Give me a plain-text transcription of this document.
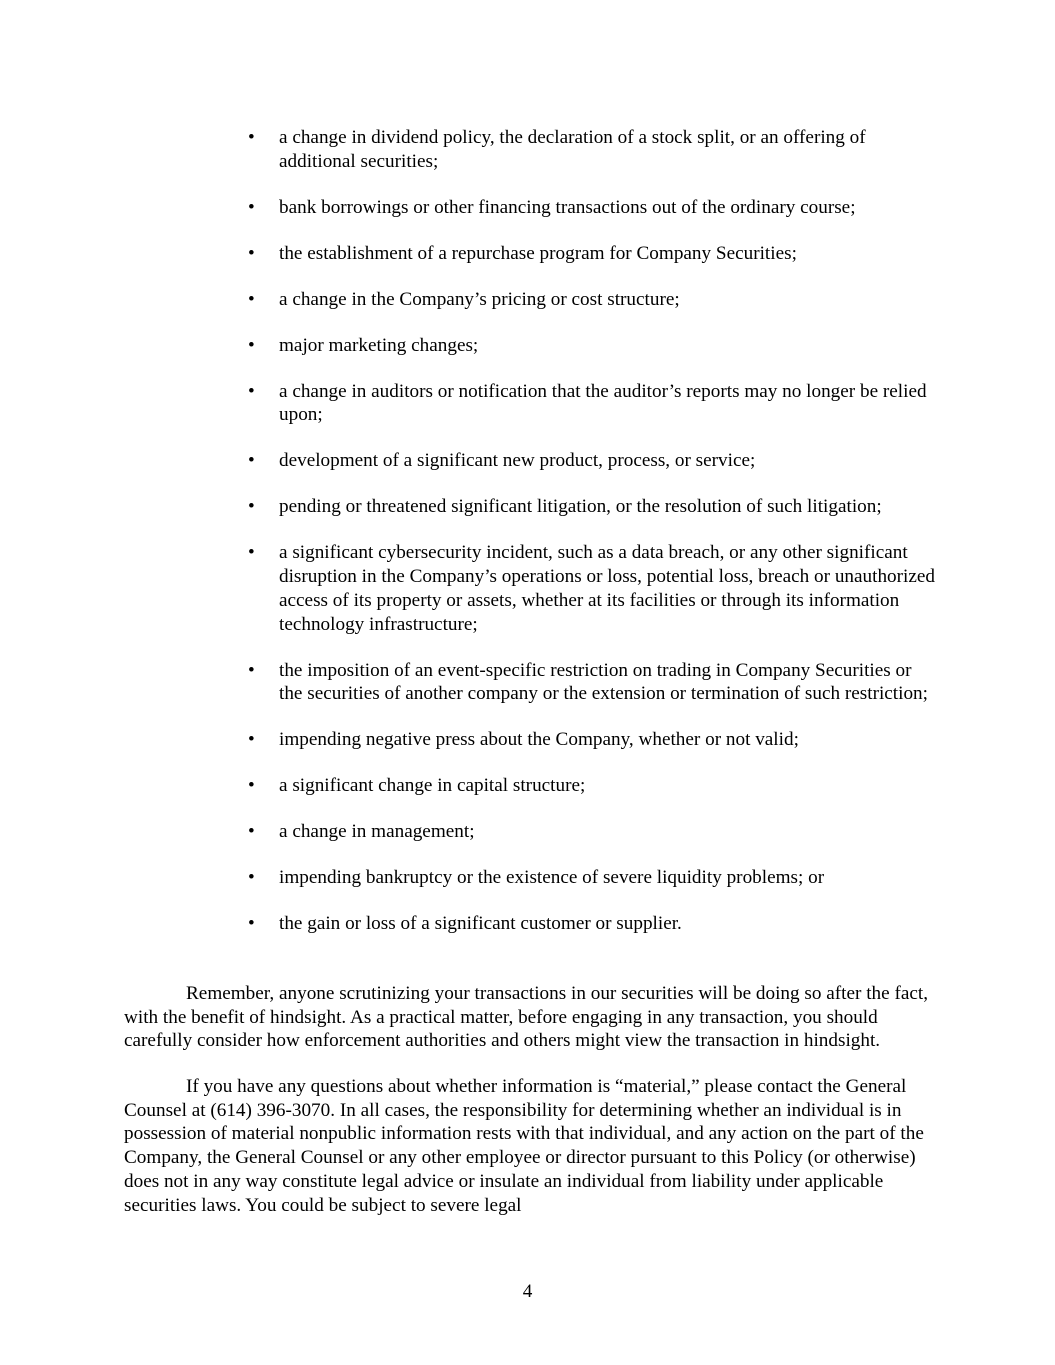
• a change in dividend policy, the declaration of a stock split, or an offering of additional securities;
• bank borrowings or other financing transactions out of the ordinary course;
• the establishment of a repurchase program for Company Securities;
• a change in the Company’s pricing or cost structure;
• major marketing changes;
• a change in auditors or notification that the auditor’s reports may no longer be relied upon;
• development of a significant new product, process, or service;
• pending or threatened significant litigation, or the resolution of such litigation;
• a significant cybersecurity incident, such as a data breach, or any other significant disruption in the Company’s operations or loss, potential loss, breach or unauthorized access of its property or assets, whether at its facilities or through its information technology infrastructure;
• the imposition of an event-specific restriction on trading in Company Securities or the securities of another company or the extension or termination of such restriction;
• impending negative press about the Company, whether or not valid;
• a significant change in capital structure;
• a change in management;
• impending bankruptcy or the existence of severe liquidity problems; or
• the gain or loss of a significant customer or supplier.

Remember, anyone scrutinizing your transactions in our securities will be doing so after the fact, with the benefit of hindsight. As a practical matter, before engaging in any transaction, you should carefully consider how enforcement authorities and others might view the transaction in hindsight.

If you have any questions about whether information is “material,” please contact the General Counsel at (614) 396-3070. In all cases, the responsibility for determining whether an individual is in possession of material nonpublic information rests with that individual, and any action on the part of the Company, the General Counsel or any other employee or director pursuant to this Policy (or otherwise) does not in any way constitute legal advice or insulate an individual from liability under applicable securities laws. You could be subject to severe legal

4
